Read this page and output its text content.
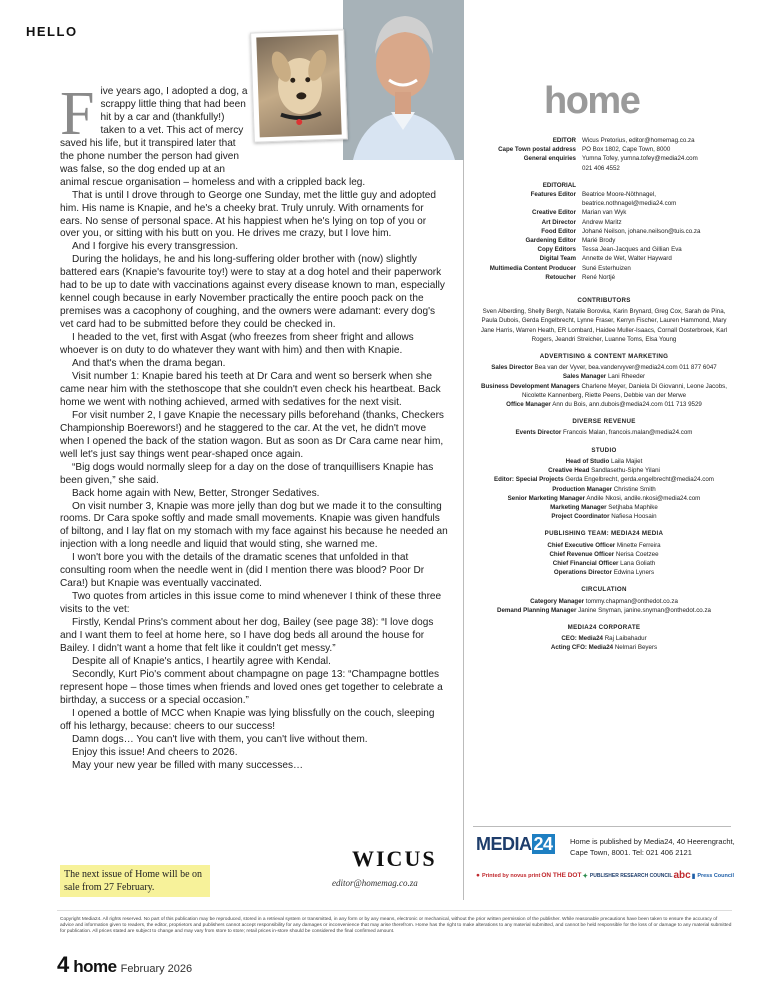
HELLO

Five years ago, I adopted a dog, a scrappy little thing that had been hit by a car and (thankfully!) taken to a vet. This act of mercy saved his life, but it transpired later that the phone number the person had given was false, so the dog ended up at an animal rescue organisation – homeless and with a crippled back leg.

That is until I drove through to George one Sunday, met the little guy and adopted him. His name is Knapie, and he's a cheeky brat. Truly unruly. With ornaments for ears. No sense of personal space. At his happiest when he's lying on top of you or over you, or sitting with his butt on you. He drives me crazy, but I love him.

And I forgive his every transgression.

During the holidays, he and his long-suffering older brother with (now) slightly battered ears (Knapie's favourite toy!) were to stay at a dog hotel and their paperwork had to be up to date with vaccinations against every disease known to man, especially kennel cough because in early November practically the entire pooch pack on the premises was a cacophony of coughing, and the owners were adamant: every dog's vet card had to be submitted before they could be checked in.

I headed to the vet, first with Asgat (who freezes from sheer fright and allows whoever is on duty to do whatever they want with him) and then with Knapie.

And that's when the drama began.

Visit number 1: Knapie bared his teeth at Dr Cara and went so berserk when she came near him with the stethoscope that she couldn't even check his heartbeat. Back home we went with nothing achieved, armed with sedatives for the next visit.

For visit number 2, I gave Knapie the necessary pills beforehand (thanks, Checkers Championship Boerewors!) and he staggered to the car. At the vet, he didn't move when I opened the back of the station wagon. But as soon as Dr Cara came near him, well let's just say things went pear-shaped once again.

“Big dogs would normally sleep for a day on the dose of tranquillisers Knapie has been given,” she said.

Back home again with New, Better, Stronger Sedatives.

On visit number 3, Knapie was more jelly than dog but we made it to the consulting rooms. Dr Cara spoke softly and made small movements. Knapie was given handfuls of biltong, and I lay flat on my stomach with my face against his because he needed an injection with a long needle and liquid that would sting, she warned me.

I won't bore you with the details of the dramatic scenes that unfolded in that consulting room when the needle went in (did I mention there was blood? Poor Dr Cara!) but Knapie was eventually vaccinated.

Two quotes from articles in this issue come to mind whenever I think of these three visits to the vet:

Firstly, Kendal Prins's comment about her dog, Bailey (see page 38): “I love dogs and I want them to feel at home here, so I have dog beds all around the house for Bailey. I didn't want a home that felt like it couldn't get messy.”

Despite all of Knapie's antics, I heartily agree with Kendal.

Secondly, Kurt Pio's comment about champagne on page 13: “Champagne bottles represent hope – those times when friends and loved ones get together to celebrate a birthday, a success or a special occasion.”

I opened a bottle of MCC when Knapie was lying blissfully on the couch, sleeping off his lethargy, because: cheers to our success!

Damn dogs… You can't live with them, you can't live without them.

Enjoy this issue! And cheers to 2026.

May your new year be filled with many successes…

The next issue of Home will be on sale from 27 February.
WICUS
editor@homemag.co.za
home
EDITOR Wicus Pretorius, editor@homemag.co.za
Cape Town postal address PO Box 1802, Cape Town, 8000
General enquiries Yumna Tofey, yumna.tofey@media24.com
021 406 4552
EDITORIAL
Features Editor Beatrice Moore-Nöthnagel,
beatrice.nothnagel@media24.com
Creative Editor Marian van Wyk
Art Director Andrew Maritz
Food Editor Johané Neilson, johane.neilson@tuis.co.za
Gardening Editor Marié Brody
Copy Editors Tessa Jean-Jacques and Gillian Eva
Digital Team Annette de Wet, Walter Hayward
Multimedia Content Producer Suné Esterhuizen
Retoucher René Nortjé
CONTRIBUTORS
Sven Alberding, Shelly Bergh, Natalie Borovka, Karin Brynard, Greg Cox, Sarah de Pina, Paula Dubois, Gerda Engelbrecht, Lynne Fraser, Kerryn Fischer, Lauren Hammond, Mary Jane Harris, Warren Heath, ER Lombard, Haidee Muller-Isaacs, Cornall Oosterbroek, Karl Rogers, Jeandri Streicher, Luanne Toms, Elsa Young
ADVERTISING & CONTENT MARKETING
Sales Director Bea van der Vyver, bea.vandervyver@media24.com 011 877 6047
Sales Manager Lani Rheeder
Business Development Managers Charlene Meyer, Daniela Di Giovanni, Leone Jacobs, Nicolette Kannenberg, Riette Peens, Debbie van der Merwe
Office Manager Ann du Bois, ann.dubois@media24.com 011 713 9529
DIVERSE REVENUE
Events Director Francois Malan, francois.malan@media24.com
STUDIO
Head of Studio Laila Majiet
Creative Head Sandlasethu-Siphe Yilani
Editor: Special Projects Gerda Engelbrecht, gerda.engelbrecht@media24.com
Production Manager Christine Smith
Senior Marketing Manager Andile Nkosi, andile.nkosi@media24.com
Marketing Manager Setjhaba Maphike
Project Coordinator Nafiesa Hoosain
PUBLISHING TEAM: MEDIA24 MEDIA
Chief Executive Officer Minette Ferreira
Chief Revenue Officer Nerisa Coetzee
Chief Financial Officer Lana Goliath
Operations Director Edwina Lyners
CIRCULATION
Category Manager tommy.chapman@onthedot.co.za
Demand Planning Manager Janine Snyman, janine.snyman@onthedot.co.za
MEDIA24 CORPORATE
CEO: Media24 Raj Laibahadur
Acting CFO: Media24 Nelmari Beyers
MEDIA 24 Home is published by Media24, 40 Heerengracht, Cape Town, 8001. Tel: 021 406 2121
● Printed by novus print ON THE DOT ✦ PUBLISHER RESEARCH COUNCIL abc ▮ Press Council
Copyright Media24. All rights reserved. No part of this publication may be reproduced, stored in a retrieval system or transmitted, in any form or by any means, electronic or mechanical, without the prior written permission of the publisher. While reasonable precautions have been taken to ensure the accuracy of advice and information given to readers, the editor, proprietors and publishers cannot accept responsibility for any damages or inconvenience that may arise therefrom. Home has the right to make alterations to any material submitted, and cannot be held responsible for the loss of or damage to any material submitted for publication. All prices stated are subject to change and may vary from store to store; retail prices in-store should be considered the final confirmed amount.
4 home February 2026
